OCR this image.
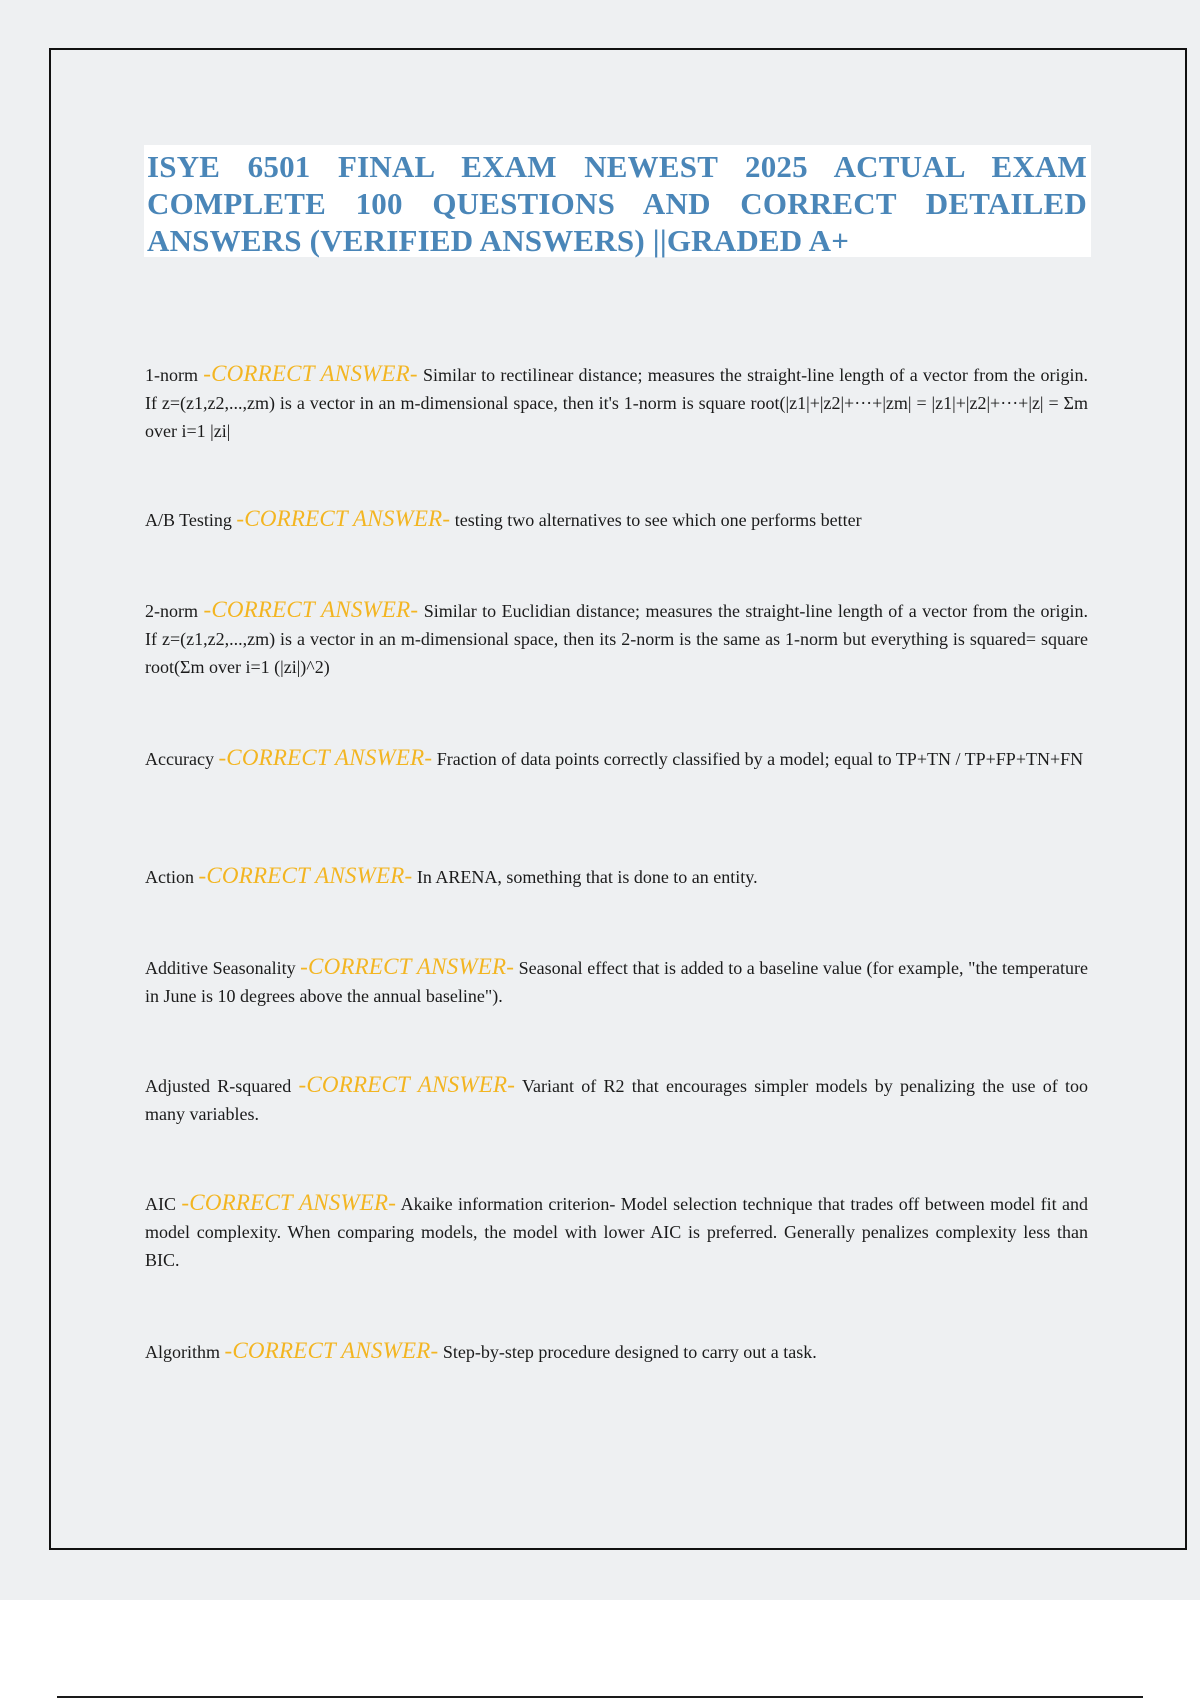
ISYE 6501 FINAL EXAM NEWEST 2025 ACTUAL EXAM COMPLETE 100 QUESTIONS AND CORRECT DETAILED ANSWERS (VERIFIED ANSWERS) ||GRADED A+

1-norm -CORRECT ANSWER- Similar to rectilinear distance; measures the straight-line length of a vector from the origin. If z=(z1,z2,...,zm) is a vector in an m-dimensional space, then it's 1-norm is square root(|z1|+|z2|+···+|zm| = |z1|+|z2|+···+|z| = Σm over i=1 |zi|

A/B Testing -CORRECT ANSWER- testing two alternatives to see which one performs better

2-norm -CORRECT ANSWER- Similar to Euclidian distance; measures the straight-line length of a vector from the origin. If z=(z1,z2,...,zm) is a vector in an m-dimensional space, then its 2-norm is the same as 1-norm but everything is squared= square root(Σm over i=1 (|zi|)^2)

Accuracy -CORRECT ANSWER- Fraction of data points correctly classified by a model; equal to TP+TN / TP+FP+TN+FN

Action -CORRECT ANSWER- In ARENA, something that is done to an entity.

Additive Seasonality -CORRECT ANSWER- Seasonal effect that is added to a baseline value (for example, "the temperature in June is 10 degrees above the annual baseline").

Adjusted R-squared -CORRECT ANSWER- Variant of R2 that encourages simpler models by penalizing the use of too many variables.

AIC -CORRECT ANSWER- Akaike information criterion- Model selection technique that trades off between model fit and model complexity. When comparing models, the model with lower AIC is preferred. Generally penalizes complexity less than BIC.

Algorithm -CORRECT ANSWER- Step-by-step procedure designed to carry out a task.
